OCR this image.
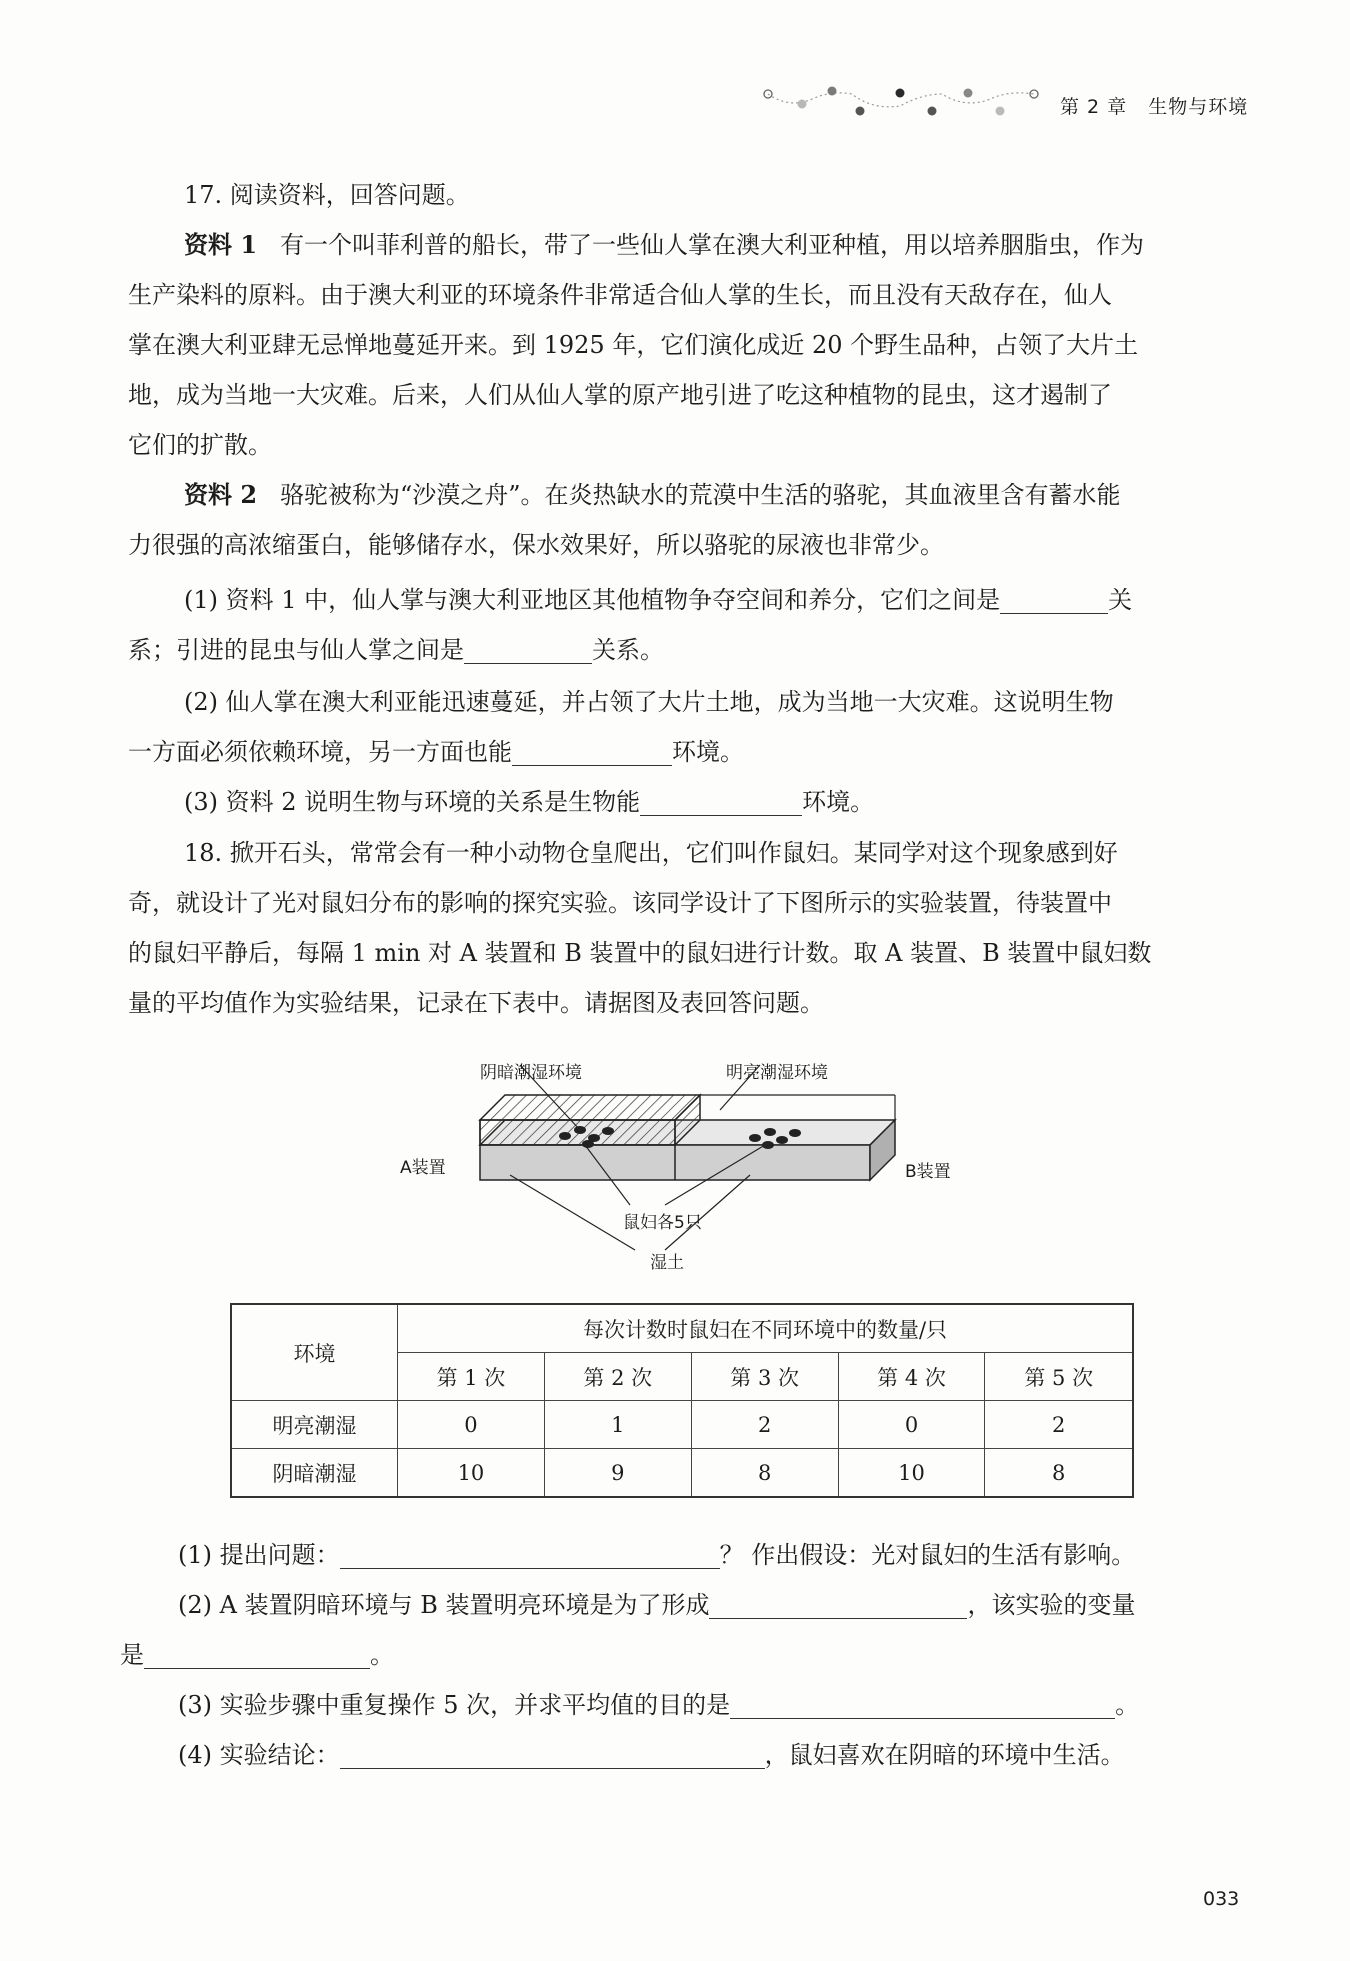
第 2 章 生物与环境
17. 阅读资料，回答问题。
资料 1 有一个叫菲利普的船长，带了一些仙人掌在澳大利亚种植，用以培养胭脂虫，作为
生产染料的原料。由于澳大利亚的环境条件非常适合仙人掌的生长，而且没有天敌存在，仙人
掌在澳大利亚肆无忌惮地蔓延开来。到 1925 年，它们演化成近 20 个野生品种，占领了大片土
地，成为当地一大灾难。后来，人们从仙人掌的原产地引进了吃这种植物的昆虫，这才遏制了
它们的扩散。
资料 2 骆驼被称为“沙漠之舟”。在炎热缺水的荒漠中生活的骆驼，其血液里含有蓄水能
力很强的高浓缩蛋白，能够储存水，保水效果好，所以骆驼的尿液也非常少。
(1) 资料 1 中，仙人掌与澳大利亚地区其他植物争夺空间和养分，它们之间是	关
系；引进的昆虫与仙人掌之间是	关系。
(2) 仙人掌在澳大利亚能迅速蔓延，并占领了大片土地，成为当地一大灾难。这说明生物
一方面必须依赖环境，另一方面也能	环境。
(3) 资料 2 说明生物与环境的关系是生物能	环境。
18. 掀开石头，常常会有一种小动物仓皇爬出，它们叫作鼠妇。某同学对这个现象感到好
奇，就设计了光对鼠妇分布的影响的探究实验。该同学设计了下图所示的实验装置，待装置中
的鼠妇平静后，每隔 1 min 对 A 装置和 B 装置中的鼠妇进行计数。取 A 装置、B 装置中鼠妇数
量的平均值作为实验结果，记录在下表中。请据图及表回答问题。
阴暗潮湿环境	明亮潮湿环境
A装置	B装置
鼠妇各5只
湿土
环境	每次计数时鼠妇在不同环境中的数量/只				
	第 1 次	第 2 次	第 3 次	第 4 次	第 5 次
明亮潮湿	0	1	2	0	2
阴暗潮湿	10	9	8	10	8
(1) 提出问题：	？ 作出假设：光对鼠妇的生活有影响。
(2) A 装置阴暗环境与 B 装置明亮环境是为了形成	，该实验的变量
是	。
(3) 实验步骤中重复操作 5 次，并求平均值的目的是	。
(4) 实验结论：	，鼠妇喜欢在阴暗的环境中生活。
033
